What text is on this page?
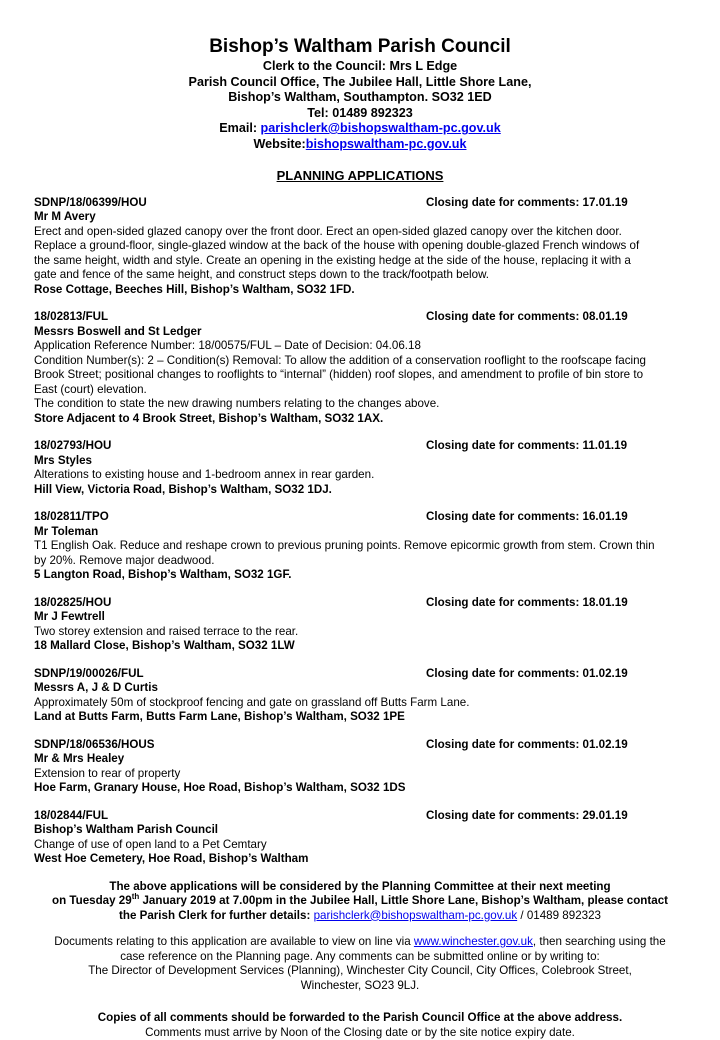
Bishop’s Waltham Parish Council
Clerk to the Council: Mrs L Edge
Parish Council Office, The Jubilee Hall, Little Shore Lane,
Bishop’s Waltham, Southampton. SO32 1ED
Tel: 01489 892323
Email: parishclerk@bishopswaltham-pc.gov.uk
Website:bishopswaltham-pc.gov.uk
PLANNING APPLICATIONS
SDNP/18/06399/HOU	Closing date for comments: 17.01.19
Mr M Avery
Erect and open-sided glazed canopy over the front door. Erect an open-sided glazed canopy over the kitchen door.
Replace a ground-floor, single-glazed window at the back of the house with opening double-glazed French windows of
the same height, width and style. Create an opening in the existing hedge at the side of the house, replacing it with a
gate and fence of the same height, and construct steps down to the track/footpath below.
Rose Cottage, Beeches Hill, Bishop’s Waltham, SO32 1FD.
18/02813/FUL	Closing date for comments: 08.01.19
Messrs Boswell and St Ledger
Application Reference Number: 18/00575/FUL – Date of Decision: 04.06.18
Condition Number(s): 2 – Condition(s) Removal: To allow the addition of a conservation rooflight to the roofscape facing
Brook Street; positional changes to rooflights to “internal” (hidden) roof slopes, and amendment to profile of bin store to
East (court) elevation.
The condition to state the new drawing numbers relating to the changes above.
Store Adjacent to 4 Brook Street, Bishop’s Waltham, SO32 1AX.
18/02793/HOU	Closing date for comments: 11.01.19
Mrs Styles
Alterations to existing house and 1-bedroom annex in rear garden.
Hill View, Victoria Road, Bishop’s Waltham, SO32 1DJ.
18/02811/TPO	Closing date for comments: 16.01.19
Mr Toleman
T1 English Oak. Reduce and reshape crown to previous pruning points. Remove epicormic growth from stem. Crown thin
by 20%. Remove major deadwood.
5 Langton Road, Bishop’s Waltham, SO32 1GF.
18/02825/HOU	Closing date for comments: 18.01.19
Mr J Fewtrell
Two storey extension and raised terrace to the rear.
18 Mallard Close, Bishop’s Waltham, SO32 1LW
SDNP/19/00026/FUL	Closing date for comments: 01.02.19
Messrs A, J & D Curtis
Approximately 50m of stockproof fencing and gate on grassland off Butts Farm Lane.
Land at Butts Farm, Butts Farm Lane, Bishop’s Waltham, SO32 1PE
SDNP/18/06536/HOUS	Closing date for comments: 01.02.19
Mr & Mrs Healey
Extension to rear of property
Hoe Farm, Granary House, Hoe Road, Bishop’s Waltham, SO32 1DS
18/02844/FUL	Closing date for comments: 29.01.19
Bishop’s Waltham Parish Council
Change of use of open land to a Pet Cemtary
West Hoe Cemetery, Hoe Road, Bishop’s Waltham
The above applications will be considered by the Planning Committee at their next meeting
on Tuesday 29th January 2019 at 7.00pm in the Jubilee Hall, Little Shore Lane, Bishop’s Waltham, please contact
the Parish Clerk for further details: parishclerk@bishopswaltham-pc.gov.uk / 01489 892323
Documents relating to this application are available to view on line via www.winchester.gov.uk, then searching using the
case reference on the Planning page. Any comments can be submitted online or by writing to:
The Director of Development Services (Planning), Winchester City Council, City Offices, Colebrook Street,
Winchester, SO23 9LJ.
Copies of all comments should be forwarded to the Parish Council Office at the above address.
Comments must arrive by Noon of the Closing date or by the site notice expiry date.
